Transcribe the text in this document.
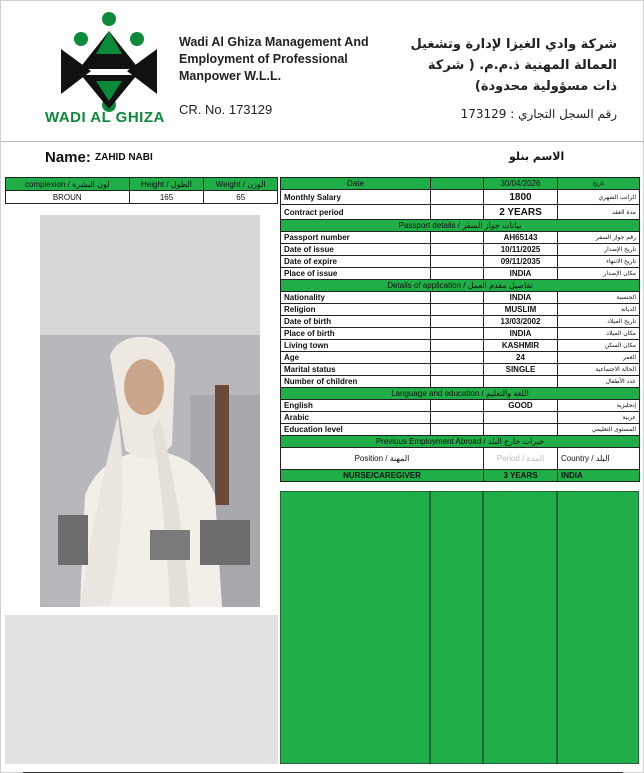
WADI AL GHIZA
Wadi Al Ghiza Management And Employment of Professional Manpower W.L.L.
CR. No. 173129
شركة وادي الغيزا لإدارة وتشغيل العمالة المهنية ذ.م.م. ( شركة ذات مسؤولية محدودة)
رقم السجل التجاري : 173129
Name: ZAHID NABI	الاسم بنلو
complexion / لون البشرة	Height / الطول	Weight / الوزن
BROUN	165	65
Date		30/04/2026	تاريخ
Monthly Salary		1800	الراتب الشهري
Contract period		2 YEARS	مدة العقد
Passport details / بيانات جواز السفر			
Passport number		AH65143	رقم جواز السفر
Date of issue		10/11/2025	تاريخ الإصدار
Date of expire		09/11/2035	تاريخ الانتهاء
Place of issue		INDIA	مكان الإصدار
Details of application / تفاصيل مقدم العمل			
Nationality		INDIA	الجنسية
Religion		MUSLIM	الديانة
Date of birth		13/03/2002	تاريخ الميلاد
Place of birth		INDIA	مكان الميلاد
Living town		KASHMIR	مكان السكن
Age		24	العمر
Marital status		SINGLE	الحالة الاجتماعية
Number of children			عدد الأطفال
Language and education / اللغة والتعليم			
English		GOOD	إنجليزية
Arabic			عربية
Education level			المستوى التعليمي
Previous Employment Abroad / خبرات خارج البلد			
Position / المهنة		Period / المدة	Country / البلد
NURSE/CAREGIVER		3 YEARS	INDIA
